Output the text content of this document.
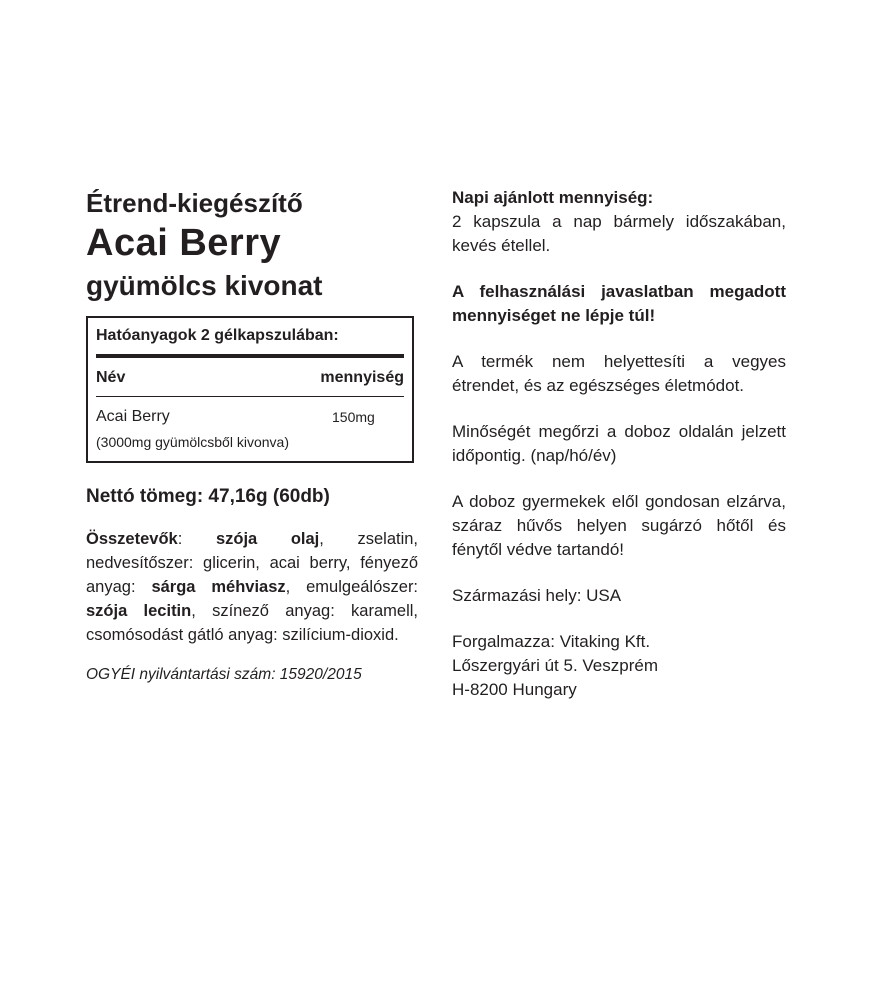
Étrend-kiegészítő
Acai Berry
gyümölcs kivonat
Hatóanyagok 2 gélkapszulában:
Név	mennyiség
Acai Berry	150mg
(3000mg gyümölcsből kivonva)
Nettó tömeg: 47,16g (60db)
Összetevők: szója olaj, zselatin, nedvesítőszer: glicerin, acai berry, fényező anyag: sárga méhviasz, emulgeálószer: szója lecitin, színező anyag: karamell, csomósodást gátló anyag: szilícium-dioxid.
OGYÉI nyilvántartási szám: 15920/2015

Napi ajánlott mennyiség:

2 kapszula a nap bármely időszakában, kevés étellel.

A felhasználási javaslatban megadott mennyiséget ne lépje túl!

A termék nem helyettesíti a vegyes étrendet, és az egészséges életmódot.

Minőségét megőrzi a doboz oldalán jelzett időpontig. (nap/hó/év)

A doboz gyermekek elől gondosan elzárva, száraz hűvős helyen sugárzó hőtől és fénytől védve tartandó!

Származási hely: USA

Forgalmazza: Vitaking Kft.
Lőszergyári út 5. Veszprém
H-8200 Hungary
